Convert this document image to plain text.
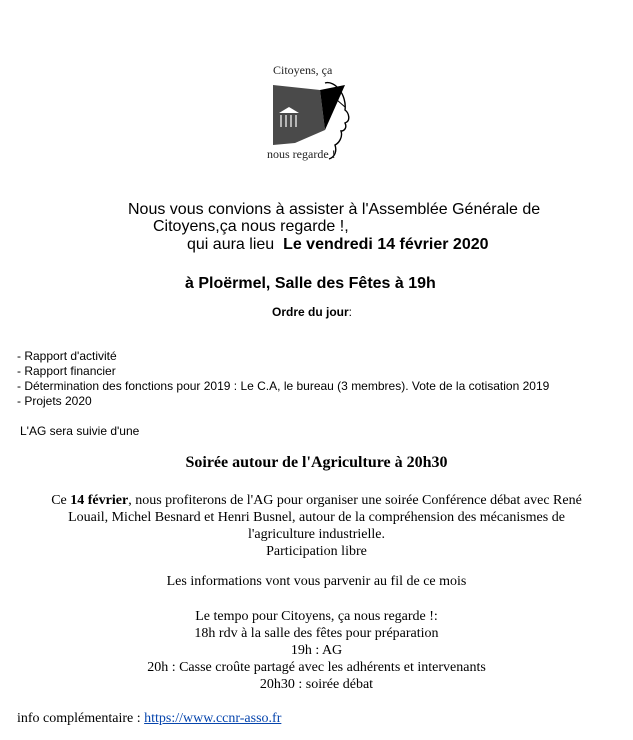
Citoyens, ça
nous regarde !
Nous vous convions à assister à l'Assemblée Générale de
Citoyens,ça nous regarde !,
qui aura lieu Le vendredi 14 février 2020
à Ploërmel, Salle des Fêtes à 19h
Ordre du jour:
- Rapport d'activité
- Rapport financier
- Détermination des fonctions pour 2019 : Le C.A, le bureau (3 membres). Vote de la cotisation 2019
- Projets 2020
L'AG sera suivie d'une
Soirée autour de l'Agriculture à 20h30
Ce 14 février, nous profiterons de l'AG pour organiser une soirée Conférence débat avec René
Louail, Michel Besnard et Henri Busnel, autour de la compréhension des mécanismes de
l'agriculture industrielle.
Participation libre
Les informations vont vous parvenir au fil de ce mois
Le tempo pour Citoyens, ça nous regarde !:
18h rdv à la salle des fêtes pour préparation
19h : AG
20h : Casse croûte partagé avec les adhérents et intervenants
20h30 : soirée débat
info complémentaire : https://www.ccnr-asso.fr
